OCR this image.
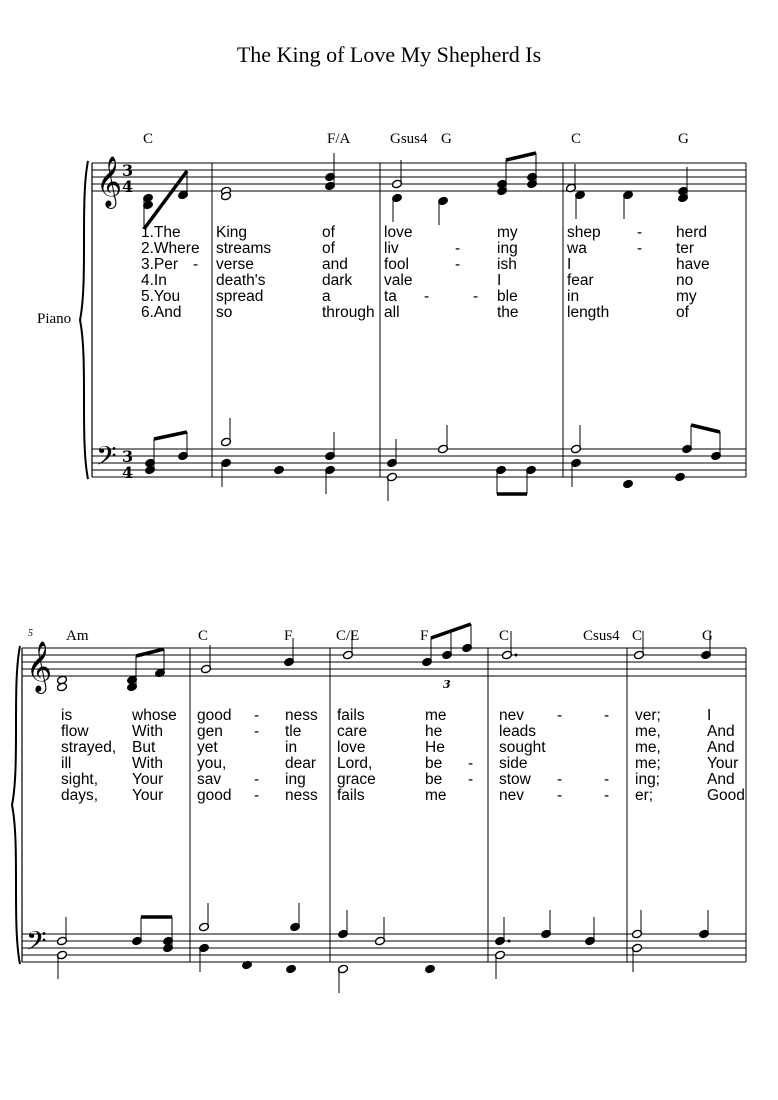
The King of Love My Shepherd Is
Piano
5
𝄞 3
4
𝄢 3
4
𝄞
𝄢
3
C	F/A	Gsus4 G	C	G
1.The King	of	love	my	shep - herd
2.Where streams	of	liv	- ing	wa	- ter
3.Per - verse	and fool	- ish	I	have
4.In	death's	dark vale	I	fear	no
5.You spread	a	ta -	- ble	in	my
6.And so	through all	the	length	of
Am	C	F	C/E	F	C	Csus4 C	G
is	whose good - ness fails	me	nev -	- ver;	I
flow	With gen - tle care	he	leads	me,	And
strayed, But	yet	in	love	He	sought	me,	And
ill	With you,	dear Lord,	be - side	me;	Your
sight, Your sav - ing grace	be - stow -	- ing;	And
days, Your good - ness fails	me	nev -	- er;	Good
